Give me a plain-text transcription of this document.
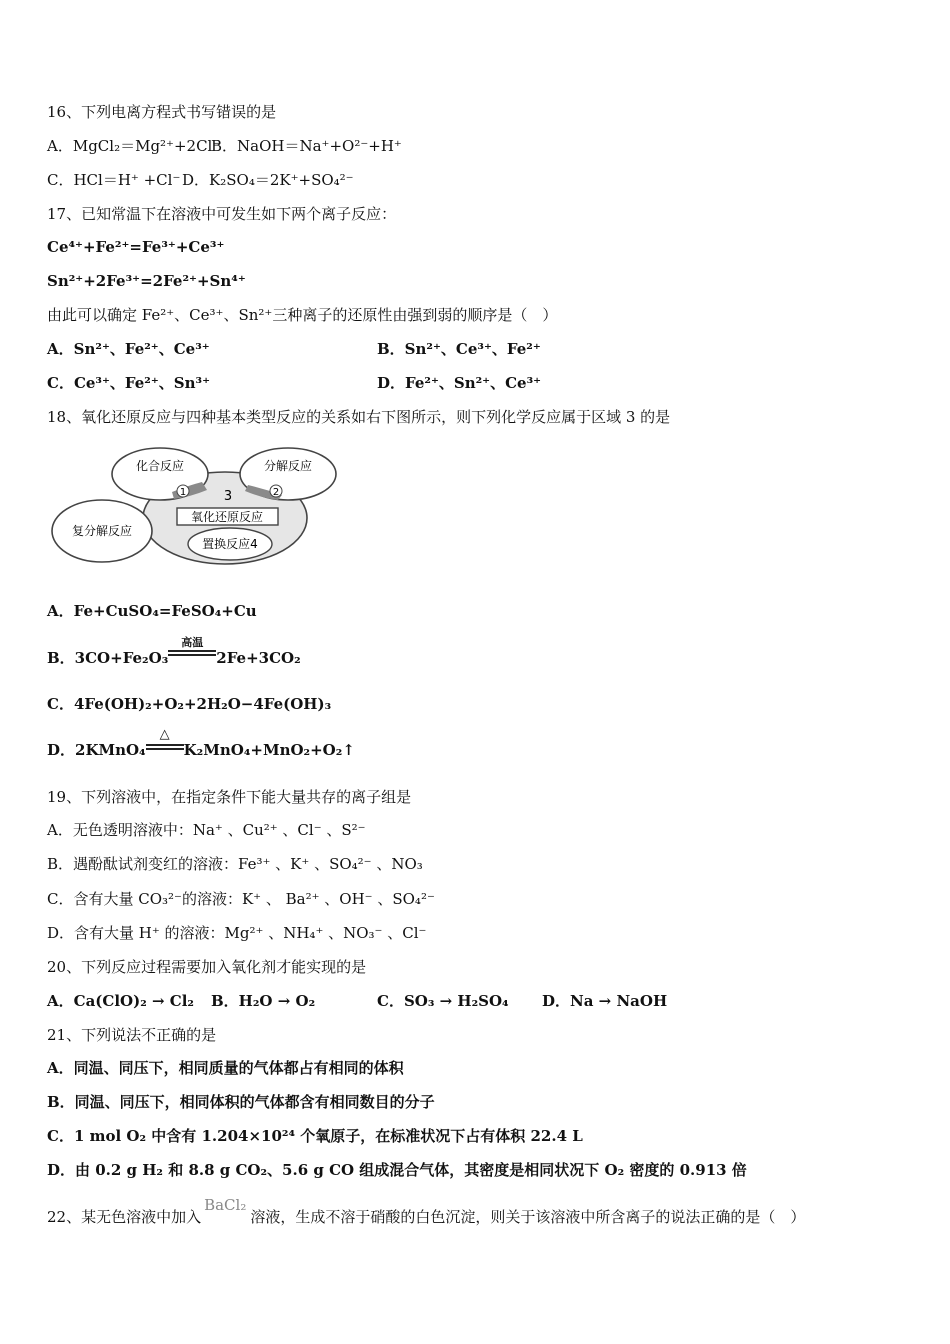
16、下列电离方程式书写错误的是
A．MgCl₂＝Mg²⁺+2Cl⁻
B．NaOH＝Na⁺+O²⁻+H⁺
C．HCl＝H⁺ +Cl⁻ D．K₂SO₄＝2K⁺+SO₄²⁻
17、已知常温下在溶液中可发生如下两个离子反应：
Ce⁴⁺+Fe²⁺=Fe³⁺+Ce³⁺
Sn²⁺+2Fe³⁺=2Fe²⁺+Sn⁴⁺
由此可以确定 Fe²⁺、Ce³⁺、Sn²⁺三种离子的还原性由强到弱的顺序是（　）
A．Sn²⁺、Fe²⁺、Ce³⁺	B．Sn²⁺、Ce³⁺、Fe²⁺
C．Ce³⁺、Fe²⁺、Sn³⁺	D．Fe²⁺、Sn²⁺、Ce³⁺
18、氧化还原反应与四种基本类型反应的关系如右下图所示，则下列化学反应属于区域 3 的是
化合反应	分解反应
复分解反应
氧化还原反应
置换反应4
1	2
3
A．Fe+CuSO₄=FeSO₄+Cu
B．3CO+Fe₂O₃
高温
2Fe+3CO₂
C．4Fe(OH)₂+O₂+2H₂O−4Fe(OH)₃
D．2KMnO₄
△
K₂MnO₄+MnO₂+O₂↑
19、下列溶液中，在指定条件下能大量共存的离子组是
A．无色透明溶液中：Na⁺ 、Cu²⁺ 、Cl⁻ 、S²⁻
B．遇酚酞试剂变红的溶液：Fe³⁺ 、K⁺ 、SO₄²⁻ 、NO₃
C．含有大量 CO₃²⁻的溶液：K⁺ 、 Ba²⁺ 、OH⁻ 、SO₄²⁻
D．含有大量 H⁺ 的溶液：Mg²⁺ 、NH₄⁺ 、NO₃⁻ 、Cl⁻
20、下列反应过程需要加入氧化剂才能实现的是
A．Ca(ClO)₂ → Cl₂ B．H₂O → O₂	C．SO₃ → H₂SO₄ D．Na → NaOH
21、下列说法不正确的是
A．同温、同压下，相同质量的气体都占有相同的体积
B．同温、同压下，相同体积的气体都含有相同数目的分子
C．1 mol O₂ 中含有 1.204×10²⁴ 个氧原子，在标准状况下占有体积 22.4 L
D．由 0.2 g H₂ 和 8.8 g CO₂、5.6 g CO 组成混合气体，其密度是相同状况下 O₂ 密度的 0.913 倍
22、某无色溶液中加入BaCl₂溶液，生成不溶于硝酸的白色沉淀，则关于该溶液中所含离子的说法正确的是（　）
